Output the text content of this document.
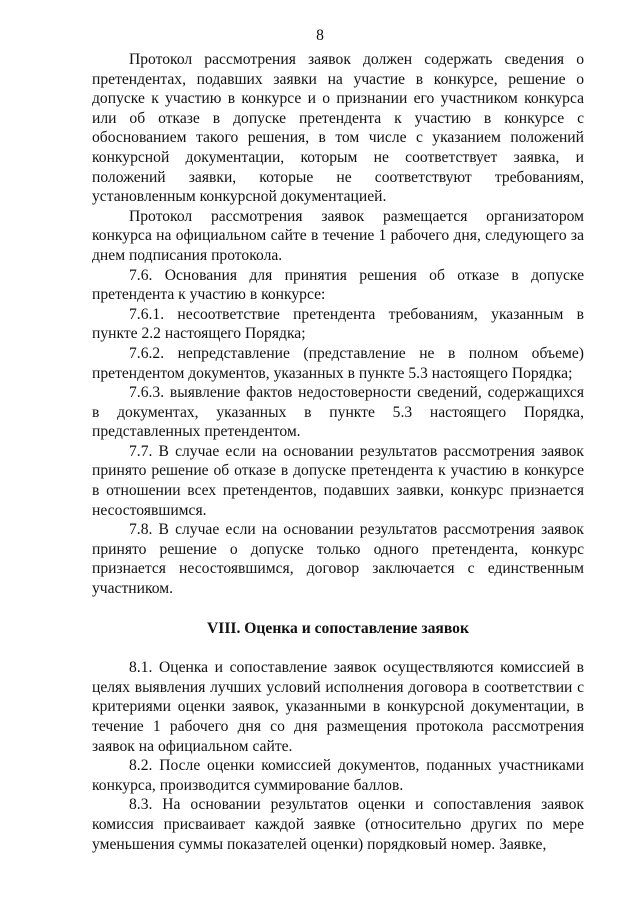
8

Протокол рассмотрения заявок должен содержать сведения о претендентах, подавших заявки на участие в конкурсе, решение о допуске к участию в конкурсе и о признании его участником конкурса или об отказе в допуске претендента к участию в конкурсе с обоснованием такого решения, в том числе с указанием положений конкурсной документации, которым не соответствует заявка, и положений заявки, которые не соответствуют требованиям, установленным конкурсной документацией.

Протокол рассмотрения заявок размещается организатором конкурса на официальном сайте в течение 1 рабочего дня, следующего за днем подписания протокола.

7.6. Основания для принятия решения об отказе в допуске претендента к участию в конкурсе:

7.6.1. несоответствие претендента требованиям, указанным в пункте 2.2 настоящего Порядка;

7.6.2. непредставление (представление не в полном объеме) претендентом документов, указанных в пункте 5.3 настоящего Порядка;

7.6.3. выявление фактов недостоверности сведений, содержащихся в документах, указанных в пункте 5.3 настоящего Порядка, представленных претендентом.

7.7. В случае если на основании результатов рассмотрения заявок принято решение об отказе в допуске претендента к участию в конкурсе в отношении всех претендентов, подавших заявки, конкурс признается несостоявшимся.

7.8. В случае если на основании результатов рассмотрения заявок принято решение о допуске только одного претендента, конкурс признается несостоявшимся, договор заключается с единственным участником.

VIII. Оценка и сопоставление заявок

8.1. Оценка и сопоставление заявок осуществляются комиссией в целях выявления лучших условий исполнения договора в соответствии с критериями оценки заявок, указанными в конкурсной документации, в течение 1 рабочего дня со дня размещения протокола рассмотрения заявок на официальном сайте.

8.2. После оценки комиссией документов, поданных участниками конкурса, производится суммирование баллов.

8.3. На основании результатов оценки и сопоставления заявок комиссия присваивает каждой заявке (относительно других по мере уменьшения суммы показателей оценки) порядковый номер. Заявке,
